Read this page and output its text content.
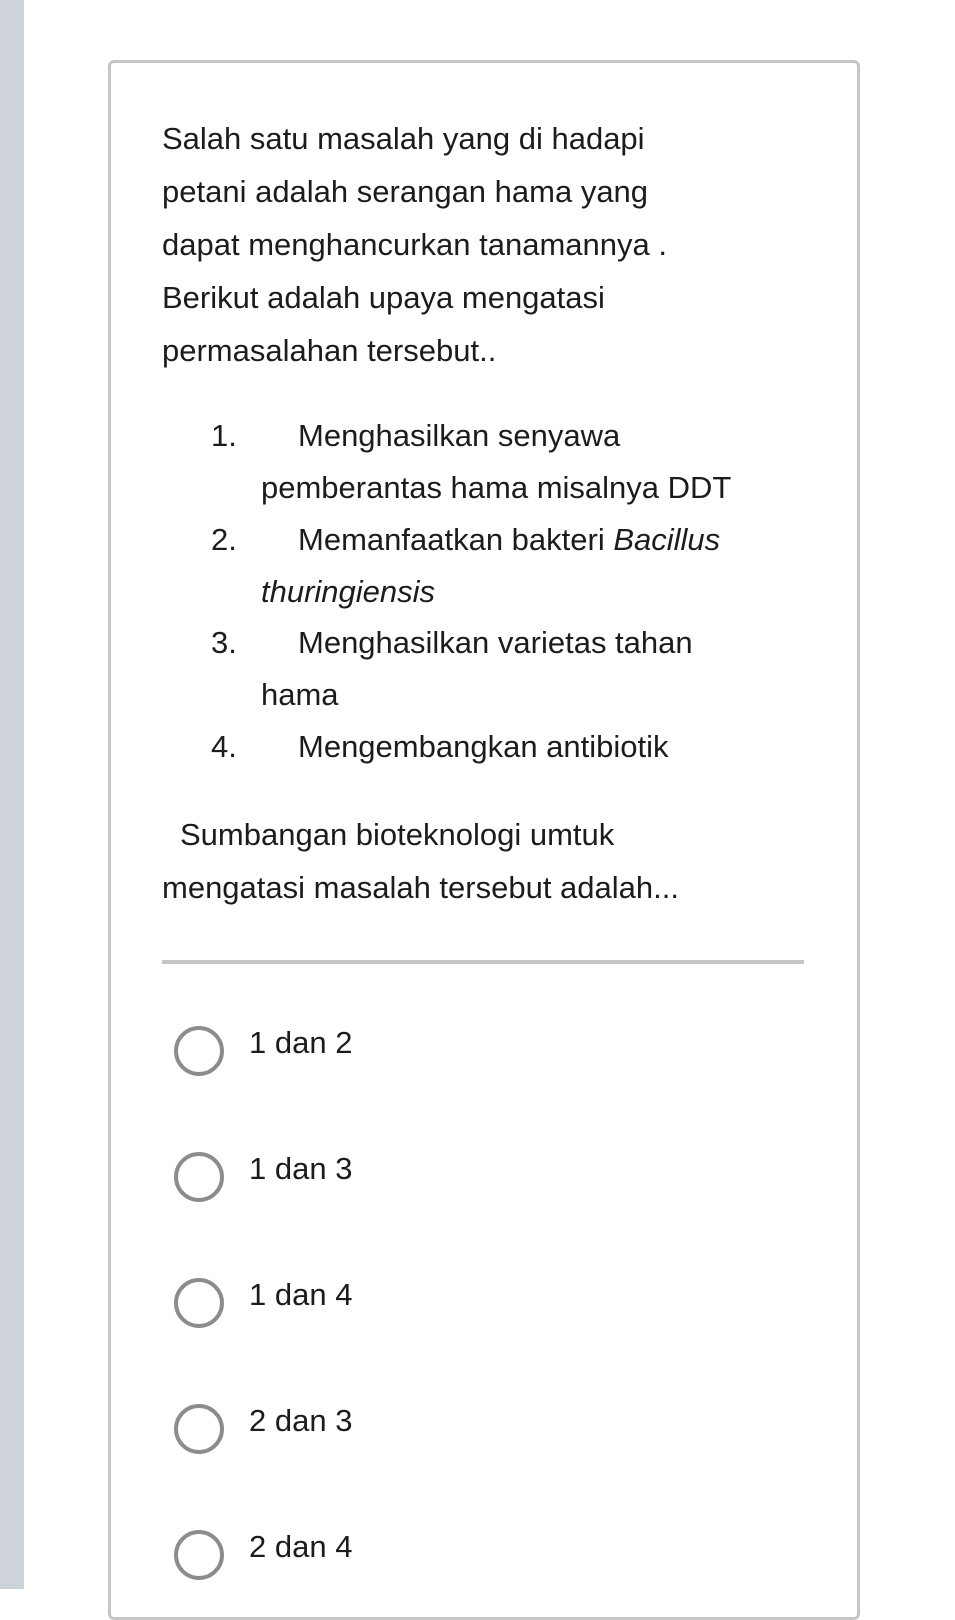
Salah satu masalah yang di hadapi
petani adalah serangan hama yang
dapat menghancurkan tanamannya .
Berikut adalah upaya mengatasi
permasalahan tersebut..
1. Menghasilkan senyawa
pemberantas hama misalnya DDT
2. Memanfaatkan bakteri Bacillus
thuringiensis
3. Menghasilkan varietas tahan
hama
4. Mengembangkan antibiotik
Sumbangan bioteknologi umtuk
mengatasi masalah tersebut adalah...
1 dan 2
1 dan 3
1 dan 4
2 dan 3
2 dan 4
